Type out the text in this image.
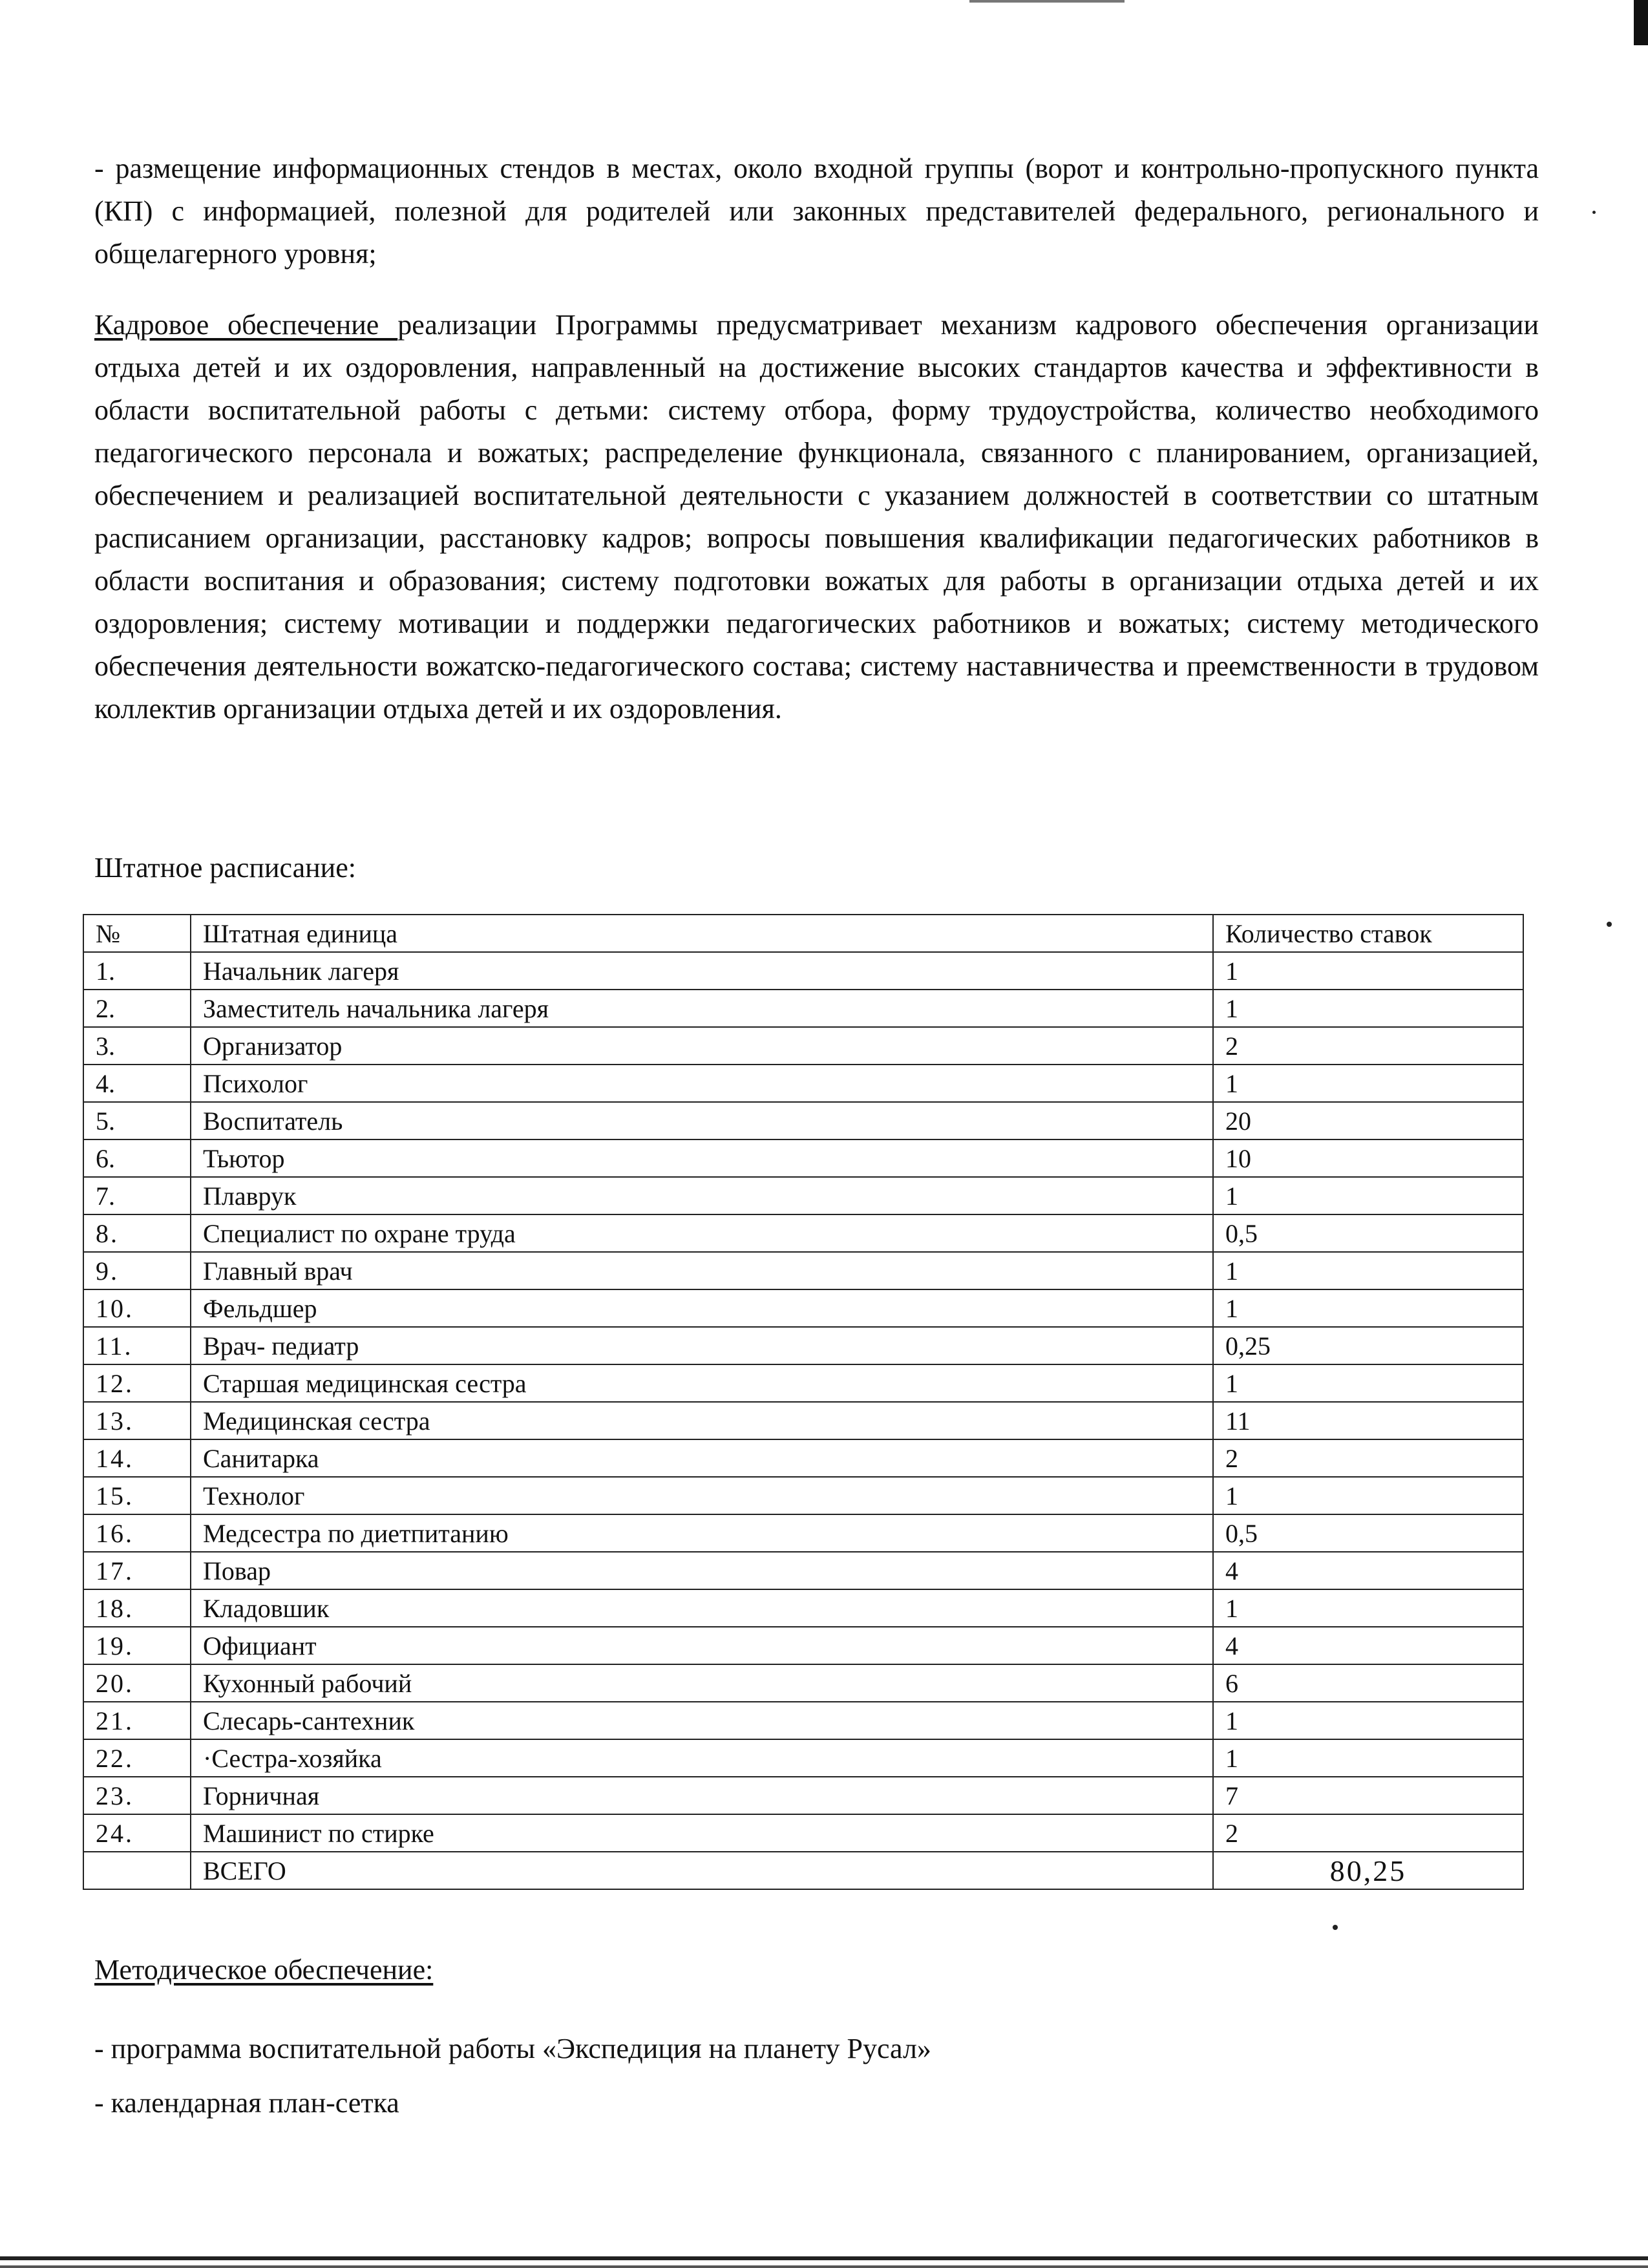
- размещение информационных стендов в местах, около входной группы (ворот и контрольно-пропускного пункта (КП) с информацией, полезной для родителей или законных представителей федерального, регионального и общелагерного уровня;

Кадровое обеспечение реализации Программы предусматривает механизм кадрового обеспечения организации отдыха детей и их оздоровления, направленный на достижение высоких стандартов качества и эффективности в области воспитательной работы с детьми: систему отбора, форму трудоустройства, количество необходимого педагогического персонала и вожатых; распределение функционала, связанного с планированием, организацией, обеспечением и реализацией воспитательной деятельности с указанием должностей в соответствии со штатным расписанием организации, расстановку кадров; вопросы повышения квалификации педагогических работников в области воспитания и образования; систему подготовки вожатых для работы в организации отдыха детей и их оздоровления; систему мотивации и поддержки педагогических работников и вожатых; систему методического обеспечения деятельности вожатско-педагогического состава; систему наставничества и преемственности в трудовом коллектив организации отдыха детей и их оздоровления.

Штатное расписание:
№	Штатная единица	Количество ставок
1.	Начальник лагеря	1
2.	Заместитель начальника лагеря	1
3.	Организатор	2
4.	Психолог	1
5.	Воспитатель	20
6.	Тьютор	10
7.	Плаврук	1
8.	Специалист по охране труда	0,5
9.	Главный врач	1
10.	Фельдшер	1
11.	Врач- педиатр	0,25
12.	Старшая медицинская сестра	1
13.	Медицинская сестра	11
14.	Санитарка	2
15.	Технолог	1
16.	Медсестра по диетпитанию	0,5
17.	Повар	4
18.	Кладовшик	1
19.	Официант	4
20.	Кухонный рабочий	6
21.	Слесарь-сантехник	1
22.	·Сестра-хозяйка	1
23.	Горничная	7
24.	Машинист по стирке	2
	ВСЕГО	80,25
Методическое обеспечение:
- программа воспитательной работы «Экспедиция на планету Русал»
- календарная план-сетка
